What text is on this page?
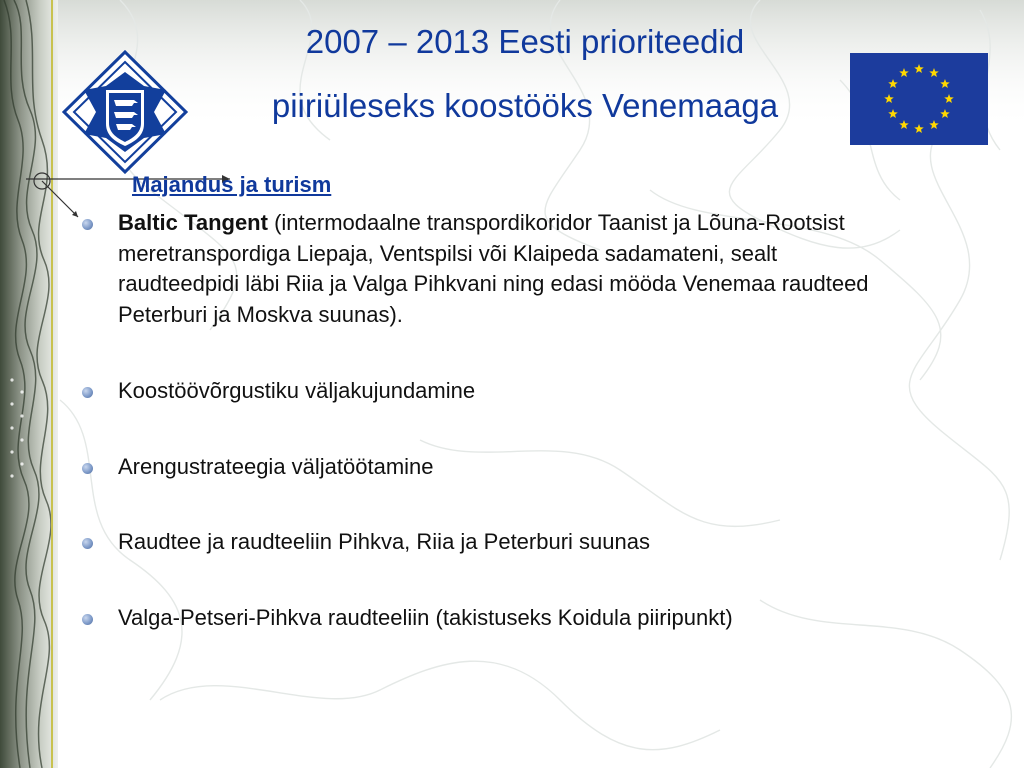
2007 – 2013 Eesti prioriteedid
piiriüleseks koostööks Venemaaga
Majandus ja turism
Baltic Tangent (intermodaalne transpordikoridor Taanist ja Lõuna-Rootsist meretranspordiga Liepaja, Ventspilsi või Klaipeda sadamateni, sealt raudteedpidi läbi Riia ja Valga Pihkvani ning edasi mööda Venemaa raudteed Peterburi ja Moskva suunas).
Koostöövõrgustiku väljakujundamine
Arengustrateegia väljatöötamine
Raudtee ja raudteeliin Pihkva, Riia ja Peterburi suunas
Valga-Petseri-Pihkva raudteeliin (takistuseks Koidula piiripunkt)
